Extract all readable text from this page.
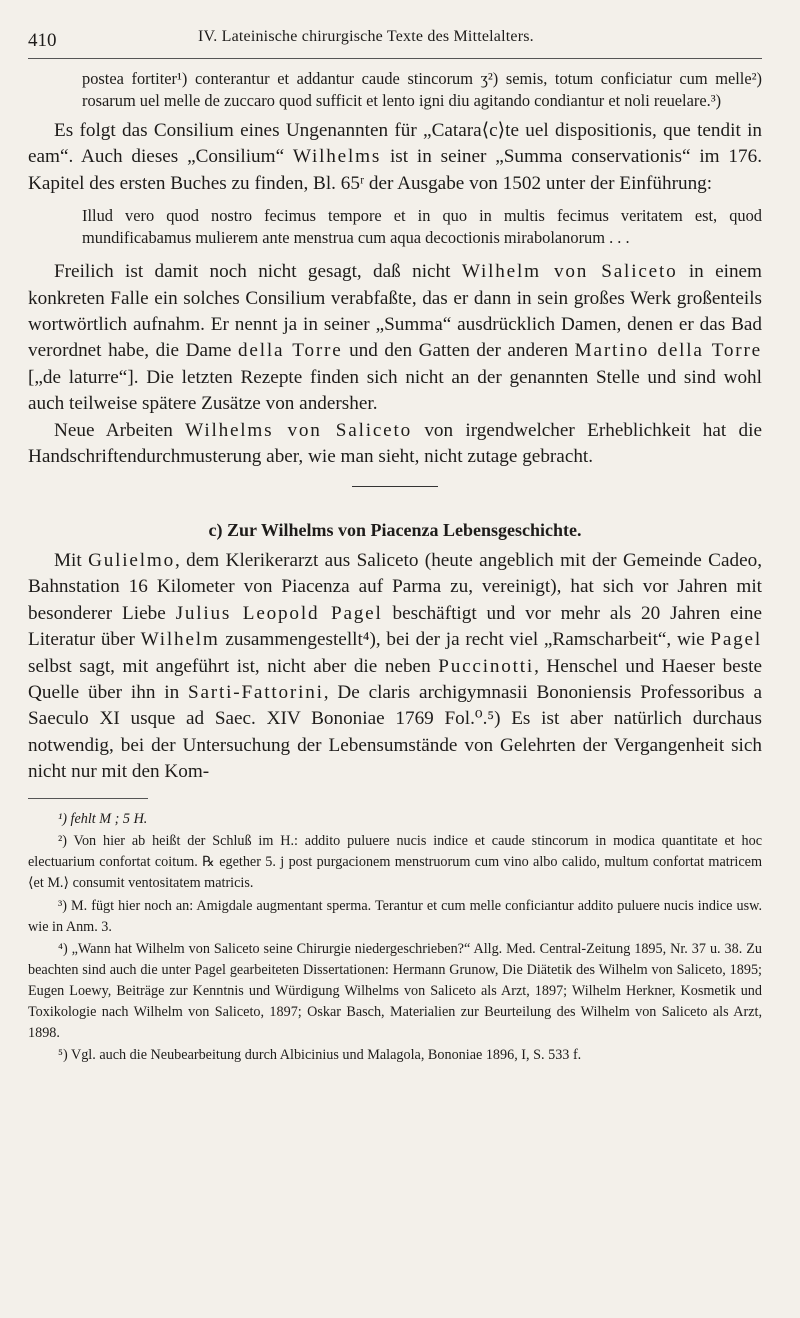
410	IV. Lateinische chirurgische Texte des Mittelalters.

postea fortiter¹) conterantur et addantur caude stincorum ʒ²) semis, totum conficiatur cum melle²) rosarum uel melle de zuccaro quod sufficit et lento igni diu agitando condiantur et noli reuelare.³)

Es folgt das Consilium eines Ungenannten für „Catara⟨c⟩te uel dispositionis, que tendit in eam“. Auch dieses „Consilium“ Wilhelms ist in seiner „Summa conservationis“ im 176. Kapitel des ersten Buches zu finden, Bl. 65ʳ der Ausgabe von 1502 unter der Einführung:

Illud vero quod nostro fecimus tempore et in quo in multis fecimus veritatem est, quod mundificabamus mulierem ante menstrua cum aqua decoctionis mirabolanorum . . .

Freilich ist damit noch nicht gesagt, daß nicht Wilhelm von Saliceto in einem konkreten Falle ein solches Consilium verabfaßte, das er dann in sein großes Werk großenteils wortwörtlich aufnahm. Er nennt ja in seiner „Summa“ ausdrücklich Damen, denen er das Bad verordnet habe, die Dame della Torre und den Gatten der anderen Martino della Torre [„de laturre“]. Die letzten Rezepte finden sich nicht an der genannten Stelle und sind wohl auch teilweise spätere Zusätze von andersher.

Neue Arbeiten Wilhelms von Saliceto von irgendwelcher Erheblichkeit hat die Handschriftendurchmusterung aber, wie man sieht, nicht zutage gebracht.

c) Zur Wilhelms von Piacenza Lebensgeschichte.

Mit Gulielmo, dem Klerikerarzt aus Saliceto (heute angeblich mit der Gemeinde Cadeo, Bahnstation 16 Kilometer von Piacenza auf Parma zu, vereinigt), hat sich vor Jahren mit besonderer Liebe Julius Leopold Pagel beschäftigt und vor mehr als 20 Jahren eine Literatur über Wilhelm zusammengestellt⁴), bei der ja recht viel „Ramscharbeit“, wie Pagel selbst sagt, mit angeführt ist, nicht aber die neben Puccinotti, Henschel und Haeser beste Quelle über ihn in Sarti-Fattorini, De claris archigymnasii Bononiensis Professoribus a Saeculo XI usque ad Saec. XIV Bononiae 1769 Fol.⁰.⁵) Es ist aber natürlich durchaus notwendig, bei der Untersuchung der Lebensumstände von Gelehrten der Vergangenheit sich nicht nur mit den Kom-

¹) fehlt M ; 5 H.

²) Von hier ab heißt der Schluß im H.: addito puluere nucis indice et caude stincorum in modica quantitate et hoc electuarium confortat coitum. ℞ egether 5. j post purgacionem menstruorum cum vino albo calido, multum confortat matricem ⟨et M.⟩ consumit ventositatem matricis.

³) M. fügt hier noch an: Amigdale augmentant sperma. Terantur et cum melle conficiantur addito puluere nucis indice usw. wie in Anm. 3.

⁴) „Wann hat Wilhelm von Saliceto seine Chirurgie niedergeschrieben?“ Allg. Med. Central-Zeitung 1895, Nr. 37 u. 38. Zu beachten sind auch die unter Pagel gearbeiteten Dissertationen: Hermann Grunow, Die Diätetik des Wilhelm von Saliceto, 1895; Eugen Loewy, Beiträge zur Kenntnis und Würdigung Wilhelms von Saliceto als Arzt, 1897; Wilhelm Herkner, Kosmetik und Toxikologie nach Wilhelm von Saliceto, 1897; Oskar Basch, Materialien zur Beurteilung des Wilhelm von Saliceto als Arzt, 1898.

⁵) Vgl. auch die Neubearbeitung durch Albicinius und Malagola, Bononiae 1896, I, S. 533 f.
